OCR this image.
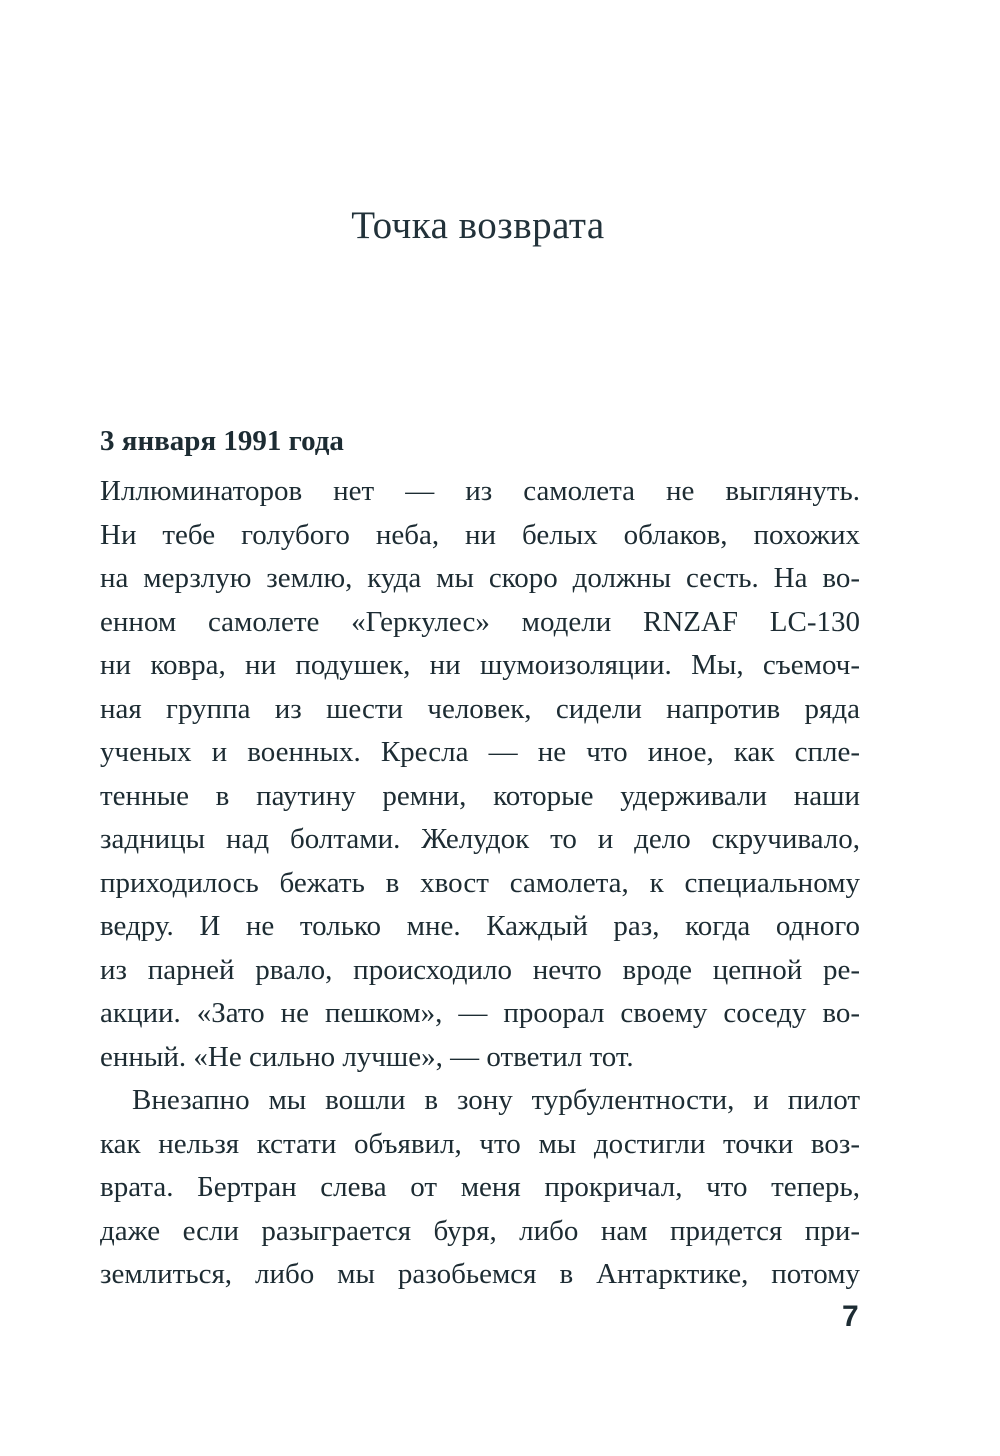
Точка возврата
3 января 1991 года
Иллюминаторов нет — из самолета не выглянуть.
Ни тебе голубого неба, ни белых облаков, похожих
на мерзлую землю, куда мы скоро должны сесть. На во-
енном самолете «Геркулес» модели RNZAF LC-130
ни ковра, ни подушек, ни шумоизоляции. Мы, съемоч-
ная группа из шести человек, сидели напротив ряда
ученых и военных. Кресла — не что иное, как спле-
тенные в паутину ремни, которые удерживали наши
задницы над болтами. Желудок то и дело скручивало,
приходилось бежать в хвост самолета, к специальному
ведру. И не только мне. Каждый раз, когда одного
из парней рвало, происходило нечто вроде цепной ре-
акции. «Зато не пешком», — проорал своему соседу во-
енный. «Не сильно лучше», — ответил тот.
Внезапно мы вошли в зону турбулентности, и пилот
как нельзя кстати объявил, что мы достигли точки воз-
врата. Бертран слева от меня прокричал, что теперь,
даже если разыграется буря, либо нам придется при-
землиться, либо мы разобьемся в Антарктике, потому
7
